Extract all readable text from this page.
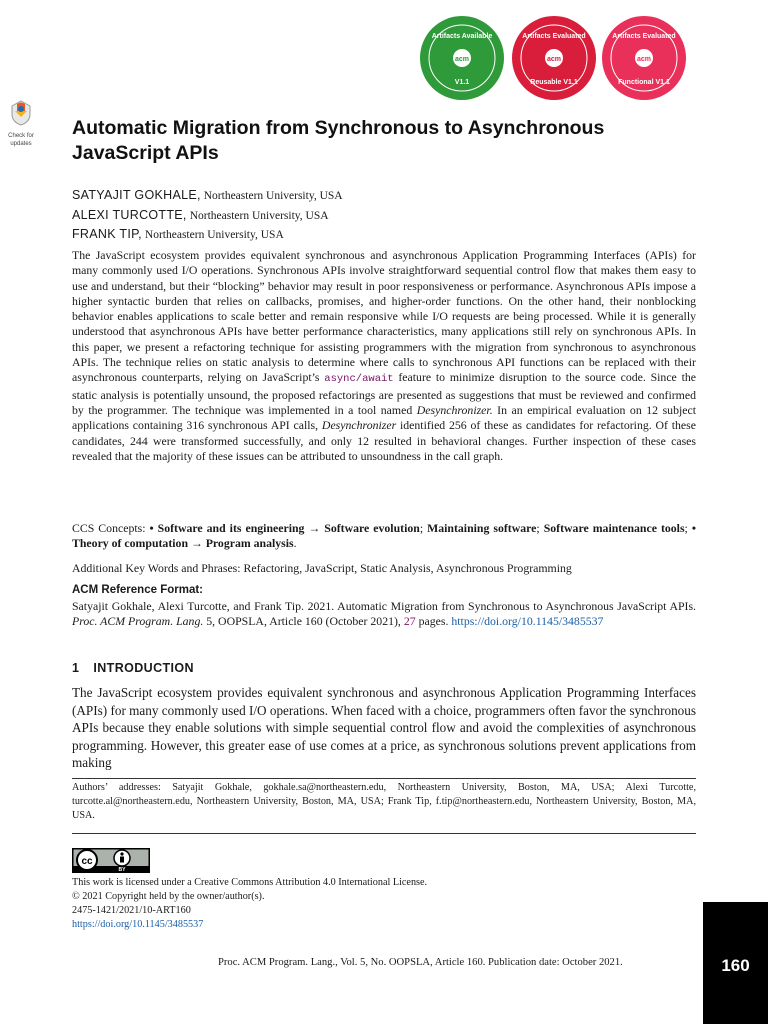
Check for
updates
acm
Artifacts Available
V1.1
acm
Artifacts Evaluated
Reusable V1.1
acm
Artifacts Evaluated
Functional V1.1
Automatic Migration from Synchronous to Asynchronous
JavaScript APIs
SATYAJIT GOKHALE, Northeastern University, USA
ALEXI TURCOTTE, Northeastern University, USA
FRANK TIP, Northeastern University, USA
The JavaScript ecosystem provides equivalent synchronous and asynchronous Application Programming Interfaces (APIs) for many commonly used I/O operations. Synchronous APIs involve straightforward sequential control flow that makes them easy to use and understand, but their “blocking” behavior may result in poor responsiveness or performance. Asynchronous APIs impose a higher syntactic burden that relies on callbacks, promises, and higher-order functions. On the other hand, their nonblocking behavior enables applications to scale better and remain responsive while I/O requests are being processed. While it is generally understood that asynchronous APIs have better performance characteristics, many applications still rely on synchronous APIs. In this paper, we present a refactoring technique for assisting programmers with the migration from synchronous to asynchronous APIs. The technique relies on static analysis to determine where calls to synchronous API functions can be replaced with their asynchronous counterparts, relying on JavaScript’s async/await feature to minimize disruption to the source code. Since the static analysis is potentially unsound, the proposed refactorings are presented as suggestions that must be reviewed and confirmed by the programmer. The technique was implemented in a tool named Desynchronizer. In an empirical evaluation on 12 subject applications containing 316 synchronous API calls, Desynchronizer identified 256 of these as candidates for refactoring. Of these candidates, 244 were transformed successfully, and only 12 resulted in behavioral changes. Further inspection of these cases revealed that the majority of these issues can be attributed to unsoundness in the call graph.
CCS Concepts: • Software and its engineering → Software evolution; Maintaining software; Software maintenance tools; • Theory of computation → Program analysis.
Additional Key Words and Phrases: Refactoring, JavaScript, Static Analysis, Asynchronous Programming
ACM Reference Format:
Satyajit Gokhale, Alexi Turcotte, and Frank Tip. 2021. Automatic Migration from Synchronous to Asynchronous JavaScript APIs. Proc. ACM Program. Lang. 5, OOPSLA, Article 160 (October 2021), 27 pages. https://doi.org/10.1145/3485537
1 INTRODUCTION
The JavaScript ecosystem provides equivalent synchronous and asynchronous Application Programming Interfaces (APIs) for many commonly used I/O operations. When faced with a choice, programmers often favor the synchronous APIs because they enable solutions with simple sequential control flow and avoid the complexities of asynchronous programming. However, this greater ease of use comes at a price, as synchronous solutions prevent applications from making
Authors’ addresses: Satyajit Gokhale, gokhale.sa@northeastern.edu, Northeastern University, Boston, MA, USA; Alexi Turcotte, turcotte.al@northeastern.edu, Northeastern University, Boston, MA, USA; Frank Tip, f.tip@northeastern.edu, Northeastern University, Boston, MA, USA.
cc
BY
This work is licensed under a Creative Commons Attribution 4.0 International License.
© 2021 Copyright held by the owner/author(s).
2475-1421/2021/10-ART160
https://doi.org/10.1145/3485537
Proc. ACM Program. Lang., Vol. 5, No. OOPSLA, Article 160. Publication date: October 2021.	160
